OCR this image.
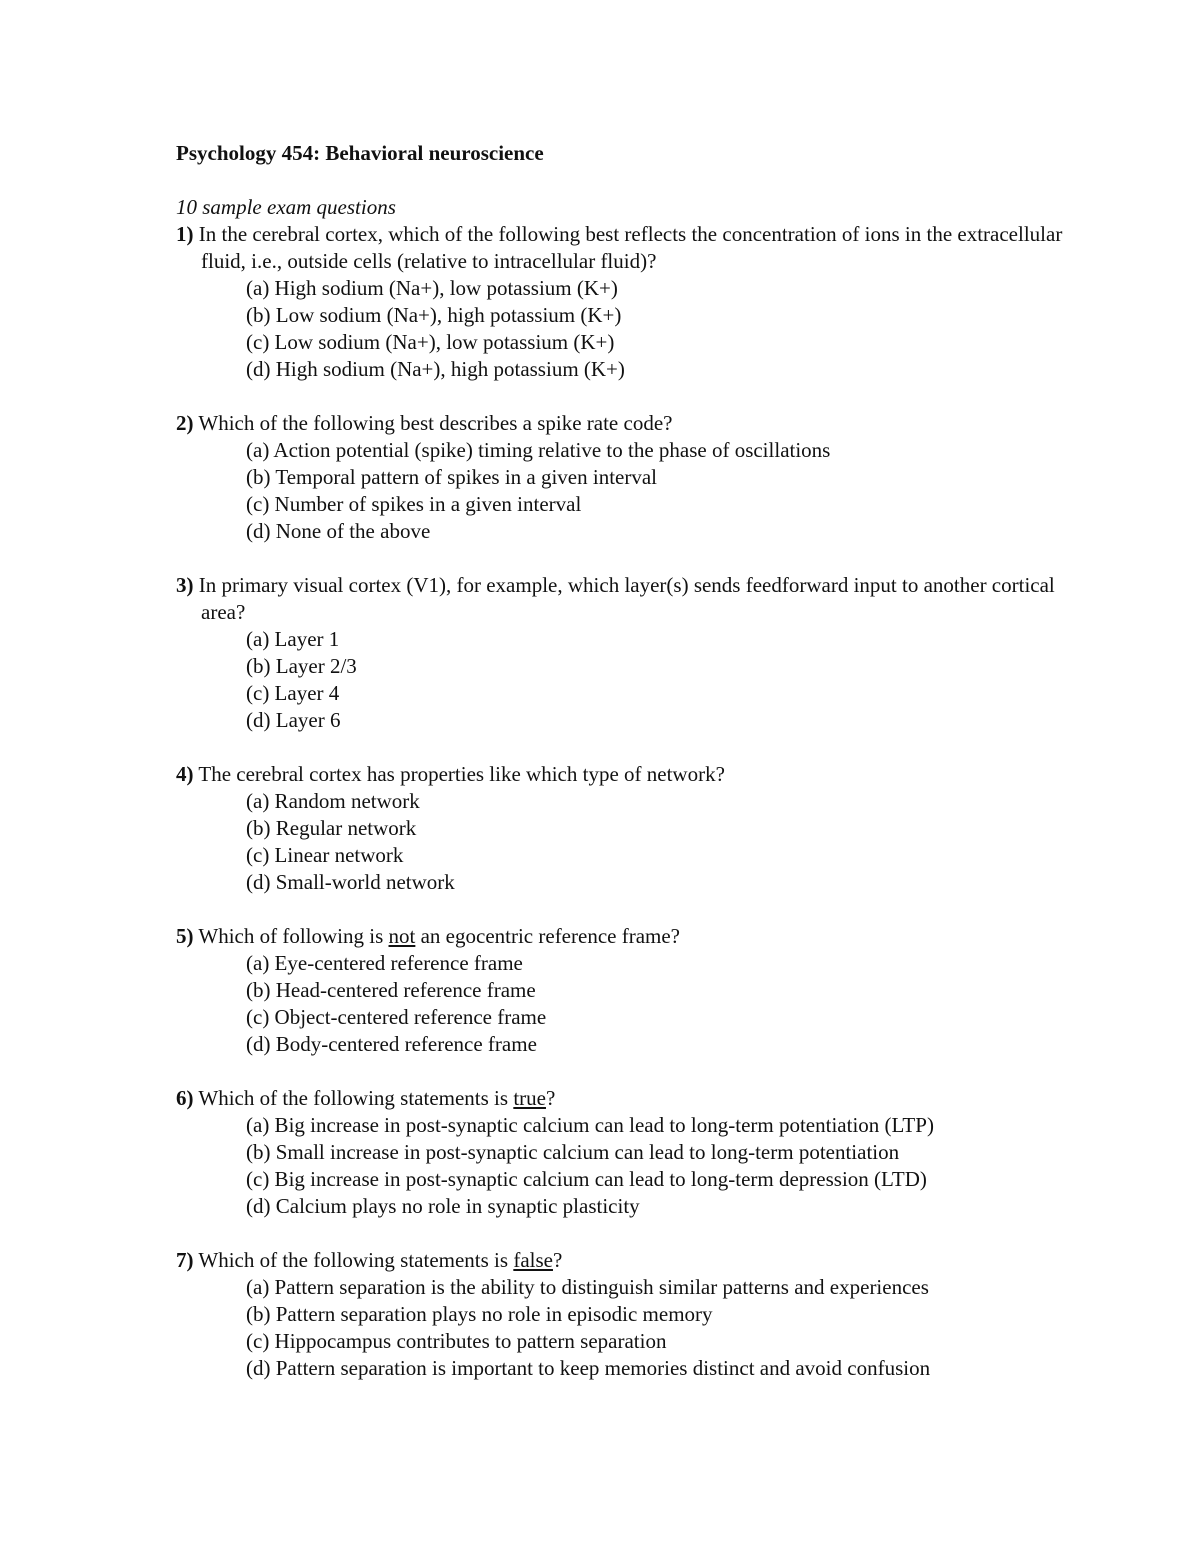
Psychology 454: Behavioral neuroscience
10 sample exam questions
1) In the cerebral cortex, which of the following best reflects the concentration of ions in the extracellular fluid, i.e., outside cells (relative to intracellular fluid)?
(a) High sodium (Na+), low potassium (K+)
(b) Low sodium (Na+), high potassium (K+)
(c) Low sodium (Na+), low potassium (K+)
(d) High sodium (Na+), high potassium (K+)
2) Which of the following best describes a spike rate code?
(a) Action potential (spike) timing relative to the phase of oscillations
(b) Temporal pattern of spikes in a given interval
(c) Number of spikes in a given interval
(d) None of the above
3) In primary visual cortex (V1), for example, which layer(s) sends feedforward input to another cortical area?
(a) Layer 1
(b) Layer 2/3
(c) Layer 4
(d) Layer 6
4) The cerebral cortex has properties like which type of network?
(a) Random network
(b) Regular network
(c) Linear network
(d) Small-world network
5) Which of following is not an egocentric reference frame?
(a) Eye-centered reference frame
(b) Head-centered reference frame
(c) Object-centered reference frame
(d) Body-centered reference frame
6) Which of the following statements is true?
(a) Big increase in post-synaptic calcium can lead to long-term potentiation (LTP)
(b) Small increase in post-synaptic calcium can lead to long-term potentiation
(c) Big increase in post-synaptic calcium can lead to long-term depression (LTD)
(d) Calcium plays no role in synaptic plasticity
7) Which of the following statements is false?
(a) Pattern separation is the ability to distinguish similar patterns and experiences
(b) Pattern separation plays no role in episodic memory
(c) Hippocampus contributes to pattern separation
(d) Pattern separation is important to keep memories distinct and avoid confusion
